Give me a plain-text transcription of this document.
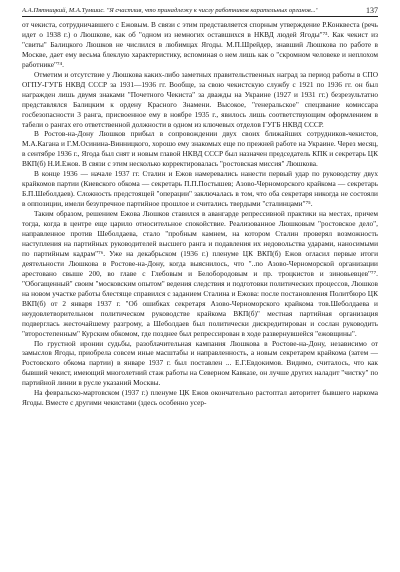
А.А.Пятницкий, М.А.Тумшис. "Я счастлив, что принадлежу к числу работников карательных органов..."	137

от чекиста, сотрудничавшего с Ежовым. В связи с этим представляется спорным утверждение Р.Конквеста (речь идет о 1938 г.) о Люшкове, как об "одном из немногих оставшихся в НКВД людей Ягоды"⁷³. Как чекист из "свиты" Балицкого Люшков не числился в любимцах Ягоды. М.П.Шрейдер, знавший Люшкова по работе в Москве, дает ему весьма блеклую характеристику, вспоминая о нем лишь как о "скромном человеке и неплохом работнике"⁷⁴.

Отметим и отсутствие у Люшкова каких-либо заметных правительственных наград за период работы в СПО ОГПУ-ГУГБ НКВД СССР за 1931—1936 гг. Вообще, за свою чекистскую службу с 1921 по 1936 гг. он был награжден лишь двумя знаками "Почетного Чекиста" за дважды на Украине (1927 и 1931 гг.) безрезультатно представлялся Балицким к ордену Красного Знамени. Высокое, "генеральское" спецзвание комиссара госбезопасности 3 ранга, присвоенное ему в ноябре 1935 г., явилось лишь соответствующим оформлением в табели о рангах его ответственной должности в одном из ключевых отделов ГУГБ НКВД СССР.

В Ростов-на-Дону Люшков прибыл в сопровождении двух своих ближайших сотрудников-чекистов, М.А.Кагана и Г.М.Осинина-Винницкого, хорошо ему знакомых еще по прежней работе на Украине. Через месяц, в сентябре 1936 г., Ягода был снят и новым главой НКВД СССР был назначен председатель КПК и секретарь ЦК ВКП(б) Н.И.Ежов. В связи с этим несколько корректировалась "ростовская миссия" Люшкова.

В конце 1936 — начале 1937 гг. Сталин и Ежов намеревались нанести первый удар по руководству двух крайкомов партии (Киевского обкома — секретарь П.П.Постышев; Азово-Черноморского крайкома — секретарь Б.П.Шеболдаев). Сложность предстоящей "операции" заключалась в том, что оба секретаря никогда не состояли в оппозиции, имели безупречное партийное прошлое и считались твердыми "сталинцами"⁷⁵.

Таким образом, решением Ежова Люшков ставился в авангарде репрессивной практики на местах, причем тогда, когда в центре еще царило относительное спокойствие. Реализованное Люшковым "ростовское дело", направленное против Шеболдаева, стало "пробным камнем, на котором Сталин проверял возможность наступления на партийных руководителей высшего ранга и подавления их недовольства ударами, наносимыми по партийным кадрам"⁷⁶. Уже на декабрьском (1936 г.) пленуме ЦК ВКП(б) Ежов огласил первые итоги деятельности Люшкова в Ростове-на-Дону, когда выяснилось, что "..по Азово-Черноморской организации арестовано свыше 200, во главе с Глебовым и Белобородовым и пр. троцкистов и зиновьевцев"⁷⁷. "Обогащенный" своим "московским опытом" ведения следствия и подготовки политических процессов, Люшков на новом участке работы блестяще справился с заданием Сталина и Ежова: после постановления Политбюро ЦК ВКП(б) от 2 января 1937 г. "Об ошибках секретаря Азово-Черноморского крайкома тов.Шеболдаева и неудовлетворительном политическом руководстве крайкома ВКП(б)" местная партийная организация подверглась жесточайшему разгрому, а Шеболдаев был политически дискредитирован и сослан руководить "второстепенным" Курским обкомом, где позднее был репрессирован в ходе развернувшейся "ежовщины".

По грустной иронии судьбы, разоблачительная кампания Люшкова в Ростове-на-Дону, независимо от замыслов Ягоды, приобрела совсем иные масштабы и направленность, а новым секретарем крайкома (затем — Ростовского обкома партии) в январе 1937 г. был поставлен ... Е.Г.Евдокимов. Видимо, считалось, что как бывший чекист, имеющий многолетний стаж работы на Северном Кавказе, он лучше других наладит "чистку" по партийной линии в русле указаний Москвы.

На февральско-мартовском (1937 г.) пленуме ЦК Ежов окончательно растоптал авторитет бывшего наркома Ягоды. Вместе с другими чекистами (здесь особенно усер-
